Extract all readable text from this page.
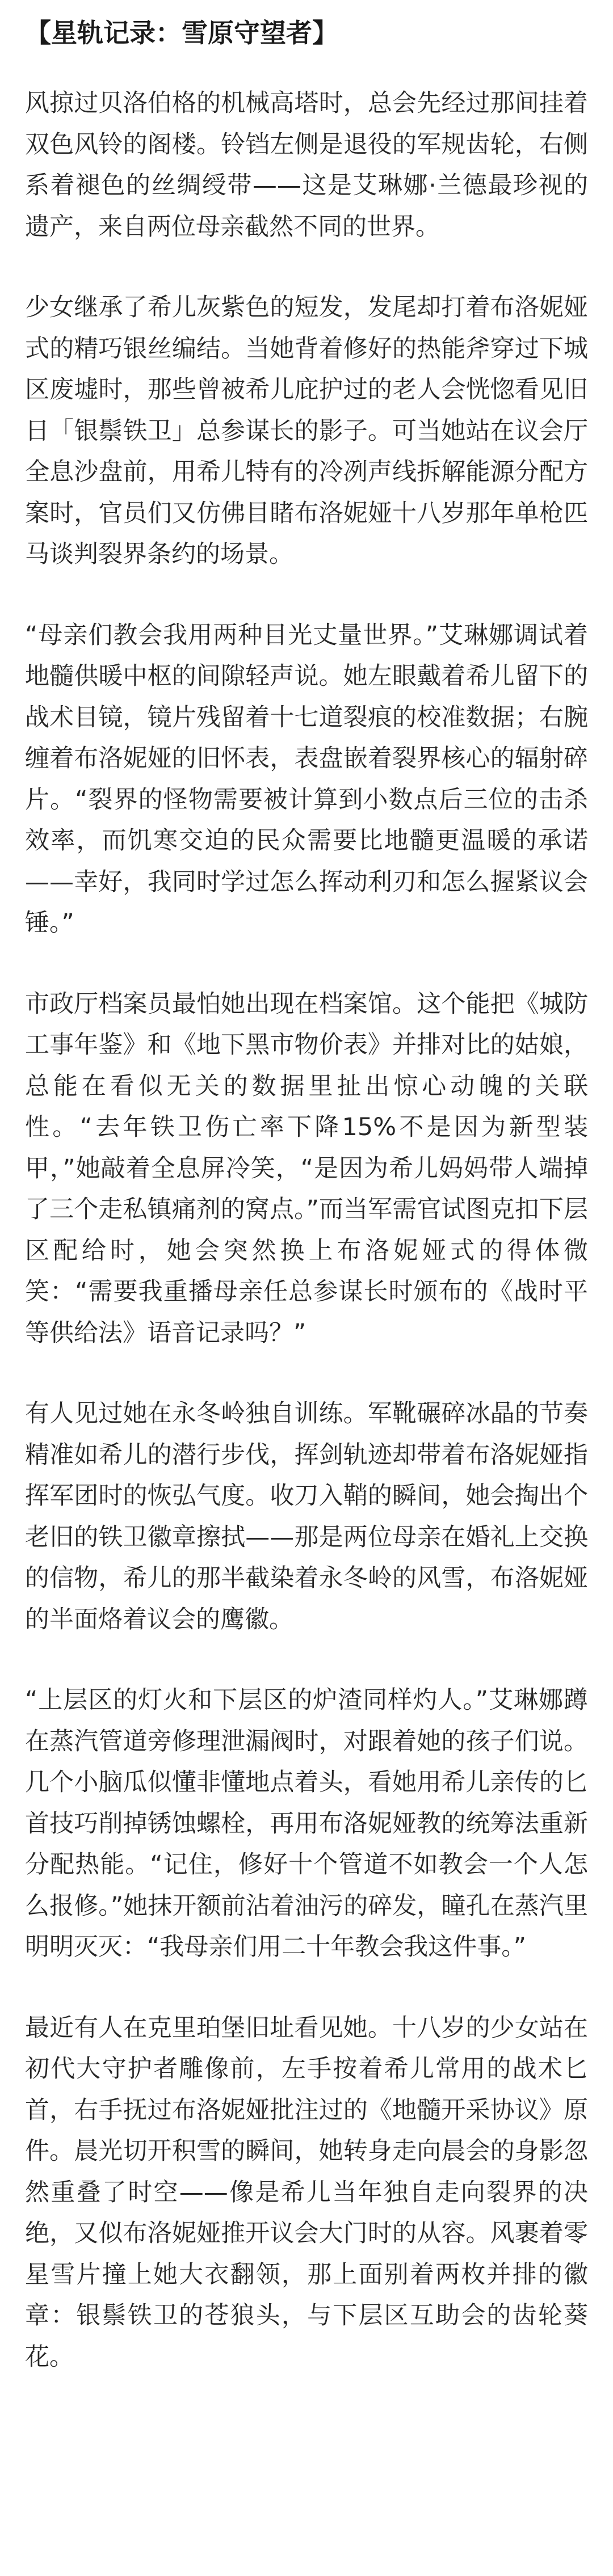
【星轨记录：雪原守望者】

风掠过贝洛伯格的机械高塔时，总会先经过那间挂着双色风铃的阁楼。铃铛左侧是退役的军规齿轮，右侧系着褪色的丝绸绶带——这是艾琳娜·兰德最珍视的遗产，来自两位母亲截然不同的世界。

少女继承了希儿灰紫色的短发，发尾却打着布洛妮娅式的精巧银丝编结。当她背着修好的热能斧穿过下城区废墟时，那些曾被希儿庇护过的老人会恍惚看见旧日「银鬃铁卫」总参谋长的影子。可当她站在议会厅全息沙盘前，用希儿特有的冷冽声线拆解能源分配方案时，官员们又仿佛目睹布洛妮娅十八岁那年单枪匹马谈判裂界条约的场景。

“母亲们教会我用两种目光丈量世界。”艾琳娜调试着地髓供暖中枢的间隙轻声说。她左眼戴着希儿留下的战术目镜，镜片残留着十七道裂痕的校准数据；右腕缠着布洛妮娅的旧怀表，表盘嵌着裂界核心的辐射碎片。“裂界的怪物需要被计算到小数点后三位的击杀效率，而饥寒交迫的民众需要比地髓更温暖的承诺——幸好，我同时学过怎么挥动利刃和怎么握紧议会锤。”

市政厅档案员最怕她出现在档案馆。这个能把《城防工事年鉴》和《地下黑市物价表》并排对比的姑娘，总能在看似无关的数据里扯出惊心动魄的关联性。“去年铁卫伤亡率下降15%不是因为新型装甲，”她敲着全息屏冷笑，“是因为希儿妈妈带人端掉了三个走私镇痛剂的窝点。”而当军需官试图克扣下层区配给时，她会突然换上布洛妮娅式的得体微笑：“需要我重播母亲任总参谋长时颁布的《战时平等供给法》语音记录吗？”

有人见过她在永冬岭独自训练。军靴碾碎冰晶的节奏精准如希儿的潜行步伐，挥剑轨迹却带着布洛妮娅指挥军团时的恢弘气度。收刀入鞘的瞬间，她会掏出个老旧的铁卫徽章擦拭——那是两位母亲在婚礼上交换的信物，希儿的那半截染着永冬岭的风雪，布洛妮娅的半面烙着议会的鹰徽。

“上层区的灯火和下层区的炉渣同样灼人。”艾琳娜蹲在蒸汽管道旁修理泄漏阀时，对跟着她的孩子们说。几个小脑瓜似懂非懂地点着头，看她用希儿亲传的匕首技巧削掉锈蚀螺栓，再用布洛妮娅教的统筹法重新分配热能。“记住，修好十个管道不如教会一个人怎么报修。”她抹开额前沾着油污的碎发，瞳孔在蒸汽里明明灭灭：“我母亲们用二十年教会我这件事。”

最近有人在克里珀堡旧址看见她。十八岁的少女站在初代大守护者雕像前，左手按着希儿常用的战术匕首，右手抚过布洛妮娅批注过的《地髓开采协议》原件。晨光切开积雪的瞬间，她转身走向晨会的身影忽然重叠了时空——像是希儿当年独自走向裂界的决绝，又似布洛妮娅推开议会大门时的从容。风裹着零星雪片撞上她大衣翻领，那上面别着两枚并排的徽章：银鬃铁卫的苍狼头，与下层区互助会的齿轮葵花。
